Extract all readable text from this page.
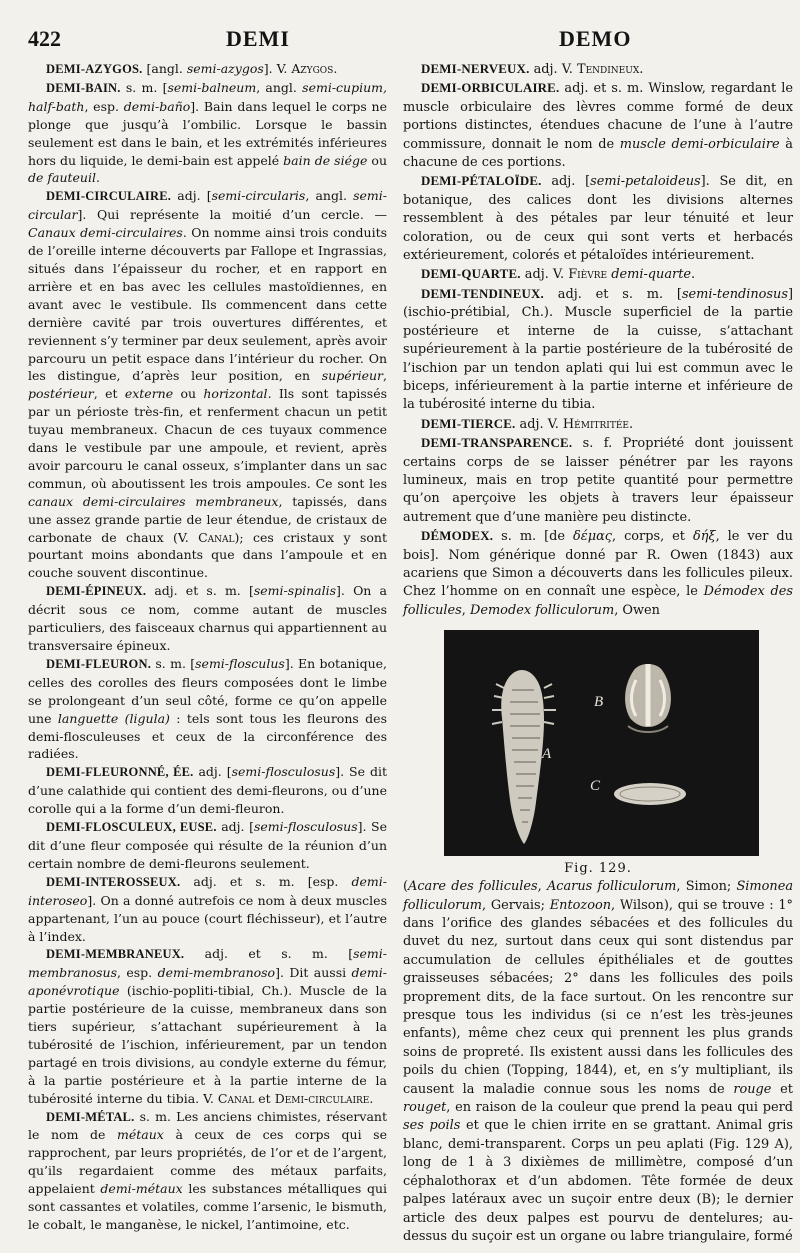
422	DEMI	DEMO

DEMI-AZYGOS. [angl. semi-azygos]. V. Azygos.

DEMI-BAIN. s. m. [semi-balneum, angl. semi-cupium, half-bath, esp. demi-baño]. Bain dans lequel le corps ne plonge que jusqu’à l’ombilic. Lorsque le bassin seulement est dans le bain, et les extrémités inférieures hors du liquide, le demi-bain est appelé bain de siége ou de fauteuil.

DEMI-CIRCULAIRE. adj. [semi-circularis, angl. semi-circular]. Qui représente la moitié d’un cercle. — Canaux demi-circulaires. On nomme ainsi trois conduits de l’oreille interne découverts par Fallope et Ingrassias, situés dans l’épaisseur du rocher, et en rapport en arrière et en bas avec les cellules mastoïdiennes, en avant avec le vestibule. Ils commencent dans cette dernière cavité par trois ouvertures différentes, et reviennent s’y terminer par deux seulement, après avoir parcouru un petit espace dans l’intérieur du rocher. On les distingue, d’après leur position, en supérieur, postérieur, et externe ou horizontal. Ils sont tapissés par un périoste très-fin, et renferment chacun un petit tuyau membraneux. Chacun de ces tuyaux commence dans le vestibule par une ampoule, et revient, après avoir parcouru le canal osseux, s’implanter dans un sac commun, où aboutissent les trois ampoules. Ce sont les canaux demi-circulaires membraneux, tapissés, dans une assez grande partie de leur étendue, de cristaux de carbonate de chaux (V. Canal); ces cristaux y sont pourtant moins abondants que dans l’ampoule et en couche souvent discontinue.

DEMI-ÉPINEUX. adj. et s. m. [semi-spinalis]. On a décrit sous ce nom, comme autant de muscles particuliers, des faisceaux charnus qui appartiennent au transversaire épineux.

DEMI-FLEURON. s. m. [semi-flosculus]. En botanique, celles des corolles des fleurs composées dont le limbe se prolongeant d’un seul côté, forme ce qu’on appelle une languette (ligula) : tels sont tous les fleurons des demi-flosculeuses et ceux de la circonférence des radiées.

DEMI-FLEURONNÉ, ÉE. adj. [semi-flosculosus]. Se dit d’une calathide qui contient des demi-fleurons, ou d’une corolle qui a la forme d’un demi-fleuron.

DEMI-FLOSCULEUX, EUSE. adj. [semi-flosculosus]. Se dit d’une fleur composée qui résulte de la réunion d’un certain nombre de demi-fleurons seulement.

DEMI-INTEROSSEUX. adj. et s. m. [esp. demi-interoseo]. On a donné autrefois ce nom à deux muscles appartenant, l’un au pouce (court fléchisseur), et l’autre à l’index.

DEMI-MEMBRANEUX. adj. et s. m. [semi-membranosus, esp. demi-membranoso]. Dit aussi demi-aponévrotique (ischio-popliti-tibial, Ch.). Muscle de la partie postérieure de la cuisse, membraneux dans son tiers supérieur, s’attachant supérieurement à la tubérosité de l’ischion, inférieurement, par un tendon partagé en trois divisions, au condyle externe du fémur, à la partie postérieure et à la partie interne de la tubérosité interne du tibia. V. Canal et Demi-circulaire.

DEMI-MÉTAL. s. m. Les anciens chimistes, réservant le nom de métaux à ceux de ces corps qui se rapprochent, par leurs propriétés, de l’or et de l’argent, qu’ils regardaient comme des métaux parfaits, appelaient demi-métaux les substances métalliques qui sont cassantes et volatiles, comme l’arsenic, le bismuth, le cobalt, le manganèse, le nickel, l’antimoine, etc.

DEMI-NERVEUX. adj. V. Tendineux.

DEMI-ORBICULAIRE. adj. et s. m. Winslow, regardant le muscle orbiculaire des lèvres comme formé de deux portions distinctes, étendues chacune de l’une à l’autre commissure, donnait le nom de muscle demi-orbiculaire à chacune de ces portions.

DEMI-PÉTALOÏDE. adj. [semi-petaloideus]. Se dit, en botanique, des calices dont les divisions alternes ressemblent à des pétales par leur ténuité et leur coloration, ou de ceux qui sont verts et herbacés extérieurement, colorés et pétaloïdes intérieurement.

DEMI-QUARTE. adj. V. Fièvre demi-quarte.

DEMI-TENDINEUX. adj. et s. m. [semi-tendinosus] (ischio-prétibial, Ch.). Muscle superficiel de la partie postérieure et interne de la cuisse, s’attachant supérieurement à la partie postérieure de la tubérosité de l’ischion par un tendon aplati qui lui est commun avec le biceps, inférieurement à la partie interne et inférieure de la tubérosité interne du tibia.

DEMI-TIERCE. adj. V. Hémitritée.

DEMI-TRANSPARENCE. s. f. Propriété dont jouissent certains corps de se laisser pénétrer par les rayons lumineux, mais en trop petite quantité pour permettre qu’on aperçoive les objets à travers leur épaisseur autrement que d’une manière peu distincte.

DÉMODEX. s. m. [de δέμας, corps, et δήξ, le ver du bois]. Nom générique donné par R. Owen (1843) aux acariens que Simon a découverts dans les follicules pileux. Chez l’homme on en connaît une espèce, le Démodex des follicules, Demodex folliculorum, Owen

A
B
C

Fig. 129.

(Acare des follicules, Acarus folliculorum, Simon; Simonea folliculorum, Gervais; Entozoon, Wilson), qui se trouve : 1° dans l’orifice des glandes sébacées et des follicules du duvet du nez, surtout dans ceux qui sont distendus par accumulation de cellules épithéliales et de gouttes graisseuses sébacées; 2° dans les follicules des poils proprement dits, de la face surtout. On les rencontre sur presque tous les individus (si ce n’est les très-jeunes enfants), même chez ceux qui prennent les plus grands soins de propreté. Ils existent aussi dans les follicules des poils du chien (Topping, 1844), et, en s’y multipliant, ils causent la maladie connue sous les noms de rouge et rouget, en raison de la couleur que prend la peau qui perd ses poils et que le chien irrite en se grattant. Animal gris blanc, demi-transparent. Corps un peu aplati (Fig. 129 A), long de 1 à 3 dixièmes de millimètre, composé d’un céphalothorax et d’un abdomen. Tête formée de deux palpes latéraux avec un suçoir entre deux (B); le dernier article des deux palpes est pourvu de dentelures; au-dessus du suçoir est un organe ou labre triangulaire, formé
